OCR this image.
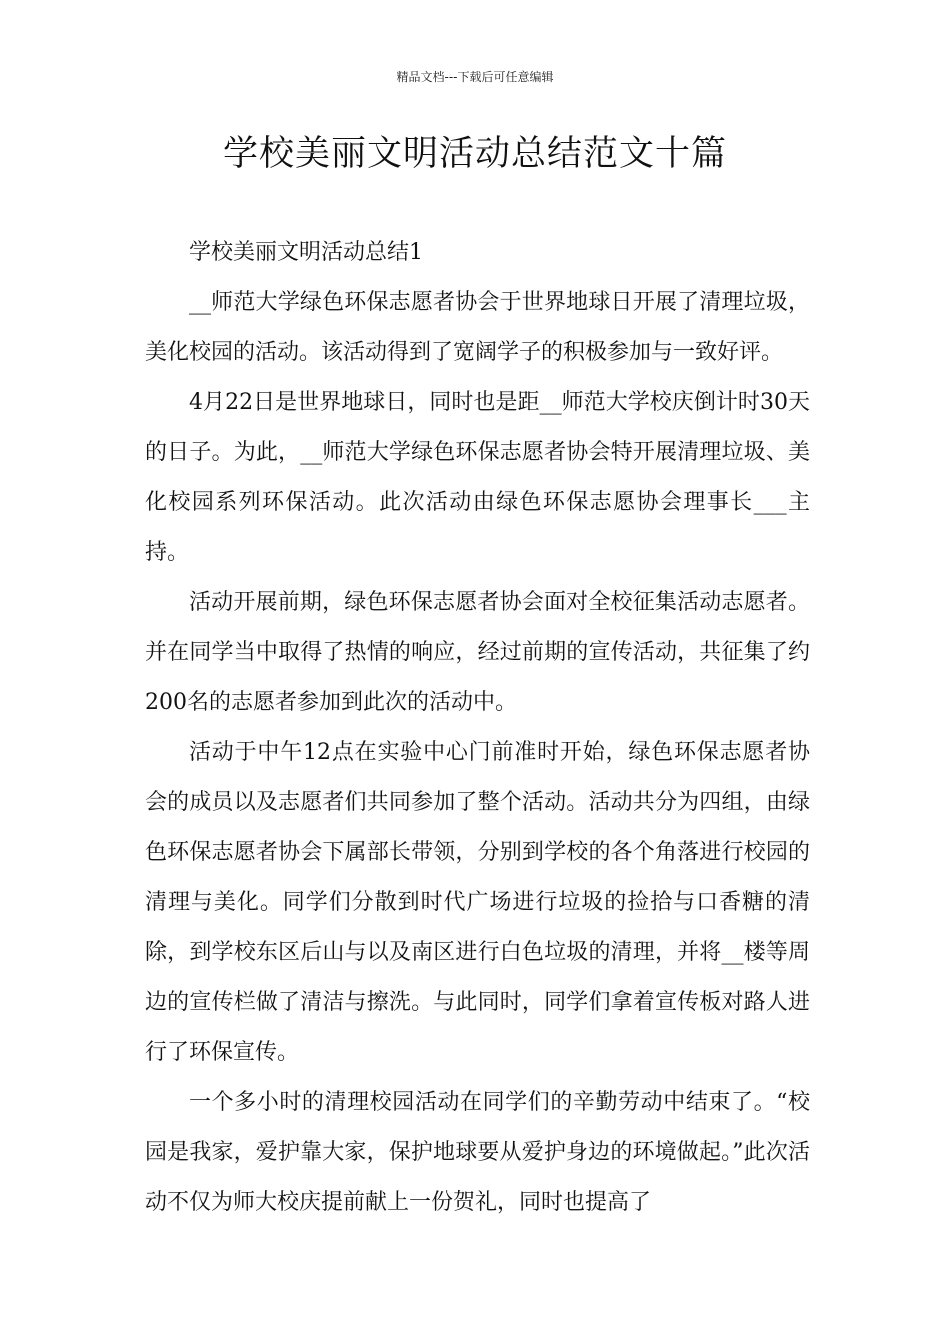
精品文档---下载后可任意编辑
学校美丽文明活动总结范文十篇

学校美丽文明活动总结1

__师范大学绿色环保志愿者协会于世界地球日开展了清理垃圾，美化校园的活动。该活动得到了宽阔学子的积极参加与一致好评。

4月22日是世界地球日，同时也是距__师范大学校庆倒计时30天的日子。为此，__师范大学绿色环保志愿者协会特开展清理垃圾、美化校园系列环保活动。此次活动由绿色环保志愿协会理事长___主持。

活动开展前期，绿色环保志愿者协会面对全校征集活动志愿者。并在同学当中取得了热情的响应，经过前期的宣传活动，共征集了约200名的志愿者参加到此次的活动中。

活动于中午12点在实验中心门前准时开始，绿色环保志愿者协会的成员以及志愿者们共同参加了整个活动。活动共分为四组，由绿色环保志愿者协会下属部长带领，分别到学校的各个角落进行校园的清理与美化。同学们分散到时代广场进行垃圾的捡拾与口香糖的清除，到学校东区后山与以及南区进行白色垃圾的清理，并将__楼等周边的宣传栏做了清洁与擦洗。与此同时，同学们拿着宣传板对路人进行了环保宣传。

一个多小时的清理校园活动在同学们的辛勤劳动中结束了。“校园是我家，爱护靠大家，保护地球要从爱护身边的环境做起。”此次活动不仅为师大校庆提前献上一份贺礼，同时也提高了
